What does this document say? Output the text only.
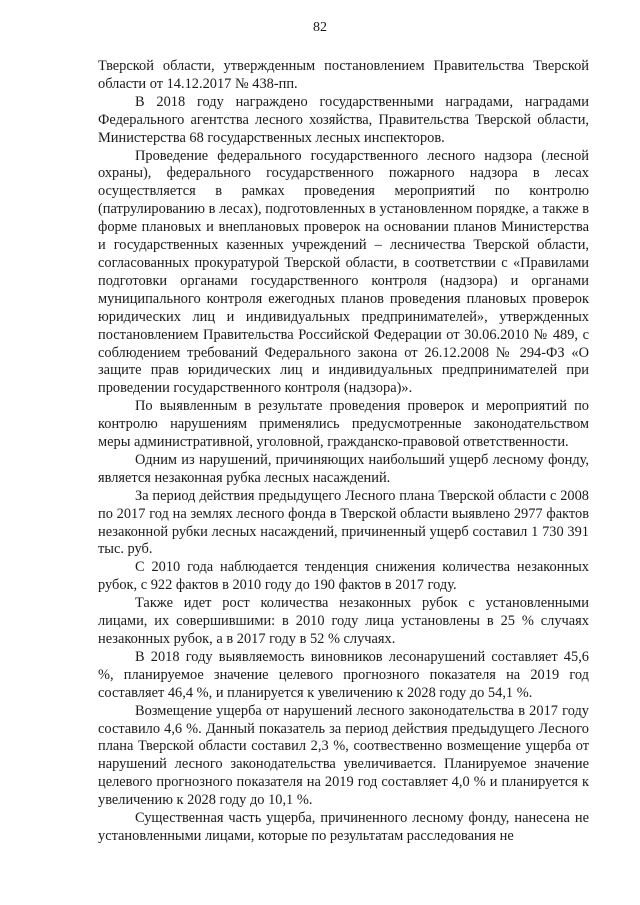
82

Тверской области, утвержденным постановлением Правительства Тверской области от 14.12.2017 № 438-пп.

В 2018 году награждено государственными наградами, наградами Федерального агентства лесного хозяйства, Правительства Тверской области, Министерства 68 государственных лесных инспекторов.

Проведение федерального государственного лесного надзора (лесной охраны), федерального государственного пожарного надзора в лесах осуществляется в рамках проведения мероприятий по контролю (патрулированию в лесах), подготовленных в установленном порядке, а также в форме плановых и внеплановых проверок на основании планов Министерства и государственных казенных учреждений – лесничества Тверской области, согласованных прокуратурой Тверской области, в соответствии с «Правилами подготовки органами государственного контроля (надзора) и органами муниципального контроля ежегодных планов проведения плановых проверок юридических лиц и индивидуальных предпринимателей», утвержденных постановлением Правительства Российской Федерации от 30.06.2010 № 489, с соблюдением требований Федерального закона от 26.12.2008 № 294-ФЗ «О защите прав юридических лиц и индивидуальных предпринимателей при проведении государственного контроля (надзора)».

По выявленным в результате проведения проверок и мероприятий по контролю нарушениям применялись предусмотренные законодательством меры административной, уголовной, гражданско-правовой ответственности.

Одним из нарушений, причиняющих наибольший ущерб лесному фонду, является незаконная рубка лесных насаждений.

За период действия предыдущего Лесного плана Тверской области с 2008 по 2017 год на землях лесного фонда в Тверской области выявлено 2977 фактов незаконной рубки лесных насаждений, причиненный ущерб составил 1 730 391 тыс. руб.

С 2010 года наблюдается тенденция снижения количества незаконных рубок, с 922 фактов в 2010 году до 190 фактов в 2017 году.

Также идет рост количества незаконных рубок с установленными лицами, их совершившими: в 2010 году лица установлены в 25 % случаях незаконных рубок, а в 2017 году в 52 % случаях.

В 2018 году выявляемость виновников лесонарушений составляет 45,6 %, планируемое значение целевого прогнозного показателя на 2019 год составляет 46,4 %, и планируется к увеличению к 2028 году до 54,1 %.

Возмещение ущерба от нарушений лесного законодательства в 2017 году составило 4,6 %. Данный показатель за период действия предыдущего Лесного плана Тверской области составил 2,3 %, соотвественно возмещение ущерба от нарушений лесного законодательства увеличивается. Планируемое значение целевого прогнозного показателя на 2019 год составляет 4,0 % и планируется к увеличению к 2028 году до 10,1 %.

Существенная часть ущерба, причиненного лесному фонду, нанесена не установленными лицами, которые по результатам расследования не
